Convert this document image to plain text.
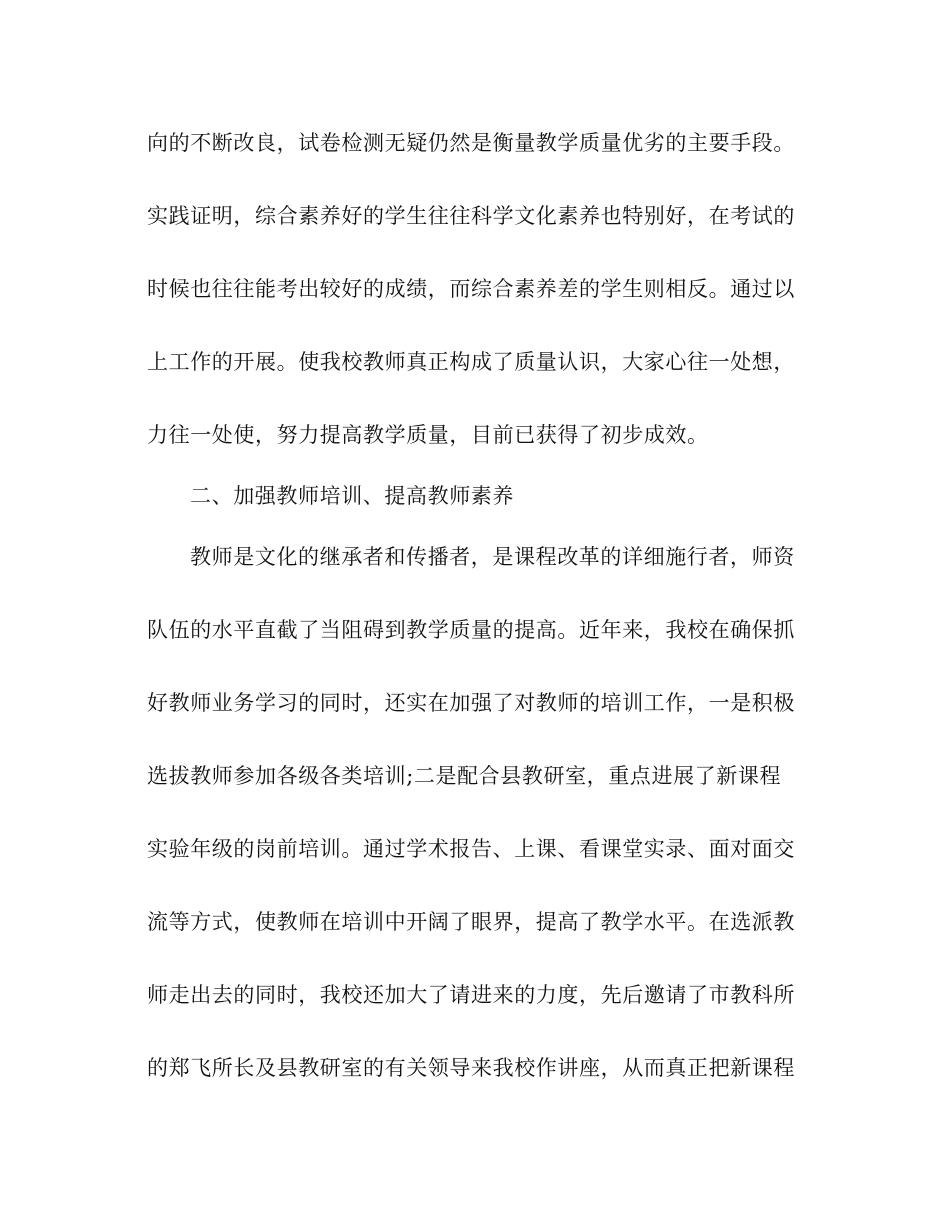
向的不断改良，试卷检测无疑仍然是衡量教学质量优劣的主要手段。
实践证明，综合素养好的学生往往科学文化素养也特别好，在考试的
时候也往往能考出较好的成绩，而综合素养差的学生则相反。通过以
上工作的开展。使我校教师真正构成了质量认识，大家心往一处想，
力往一处使，努力提高教学质量，目前已获得了初步成效。
二、加强教师培训、提高教师素养
教师是文化的继承者和传播者，是课程改革的详细施行者，师资
队伍的水平直截了当阻碍到教学质量的提高。近年来，我校在确保抓
好教师业务学习的同时，还实在加强了对教师的培训工作，一是积极
选拔教师参加各级各类培训;二是配合县教研室，重点进展了新课程
实验年级的岗前培训。通过学术报告、上课、看课堂实录、面对面交
流等方式，使教师在培训中开阔了眼界，提高了教学水平。在选派教
师走出去的同时，我校还加大了请进来的力度，先后邀请了市教科所
的郑飞所长及县教研室的有关领导来我校作讲座，从而真正把新课程
